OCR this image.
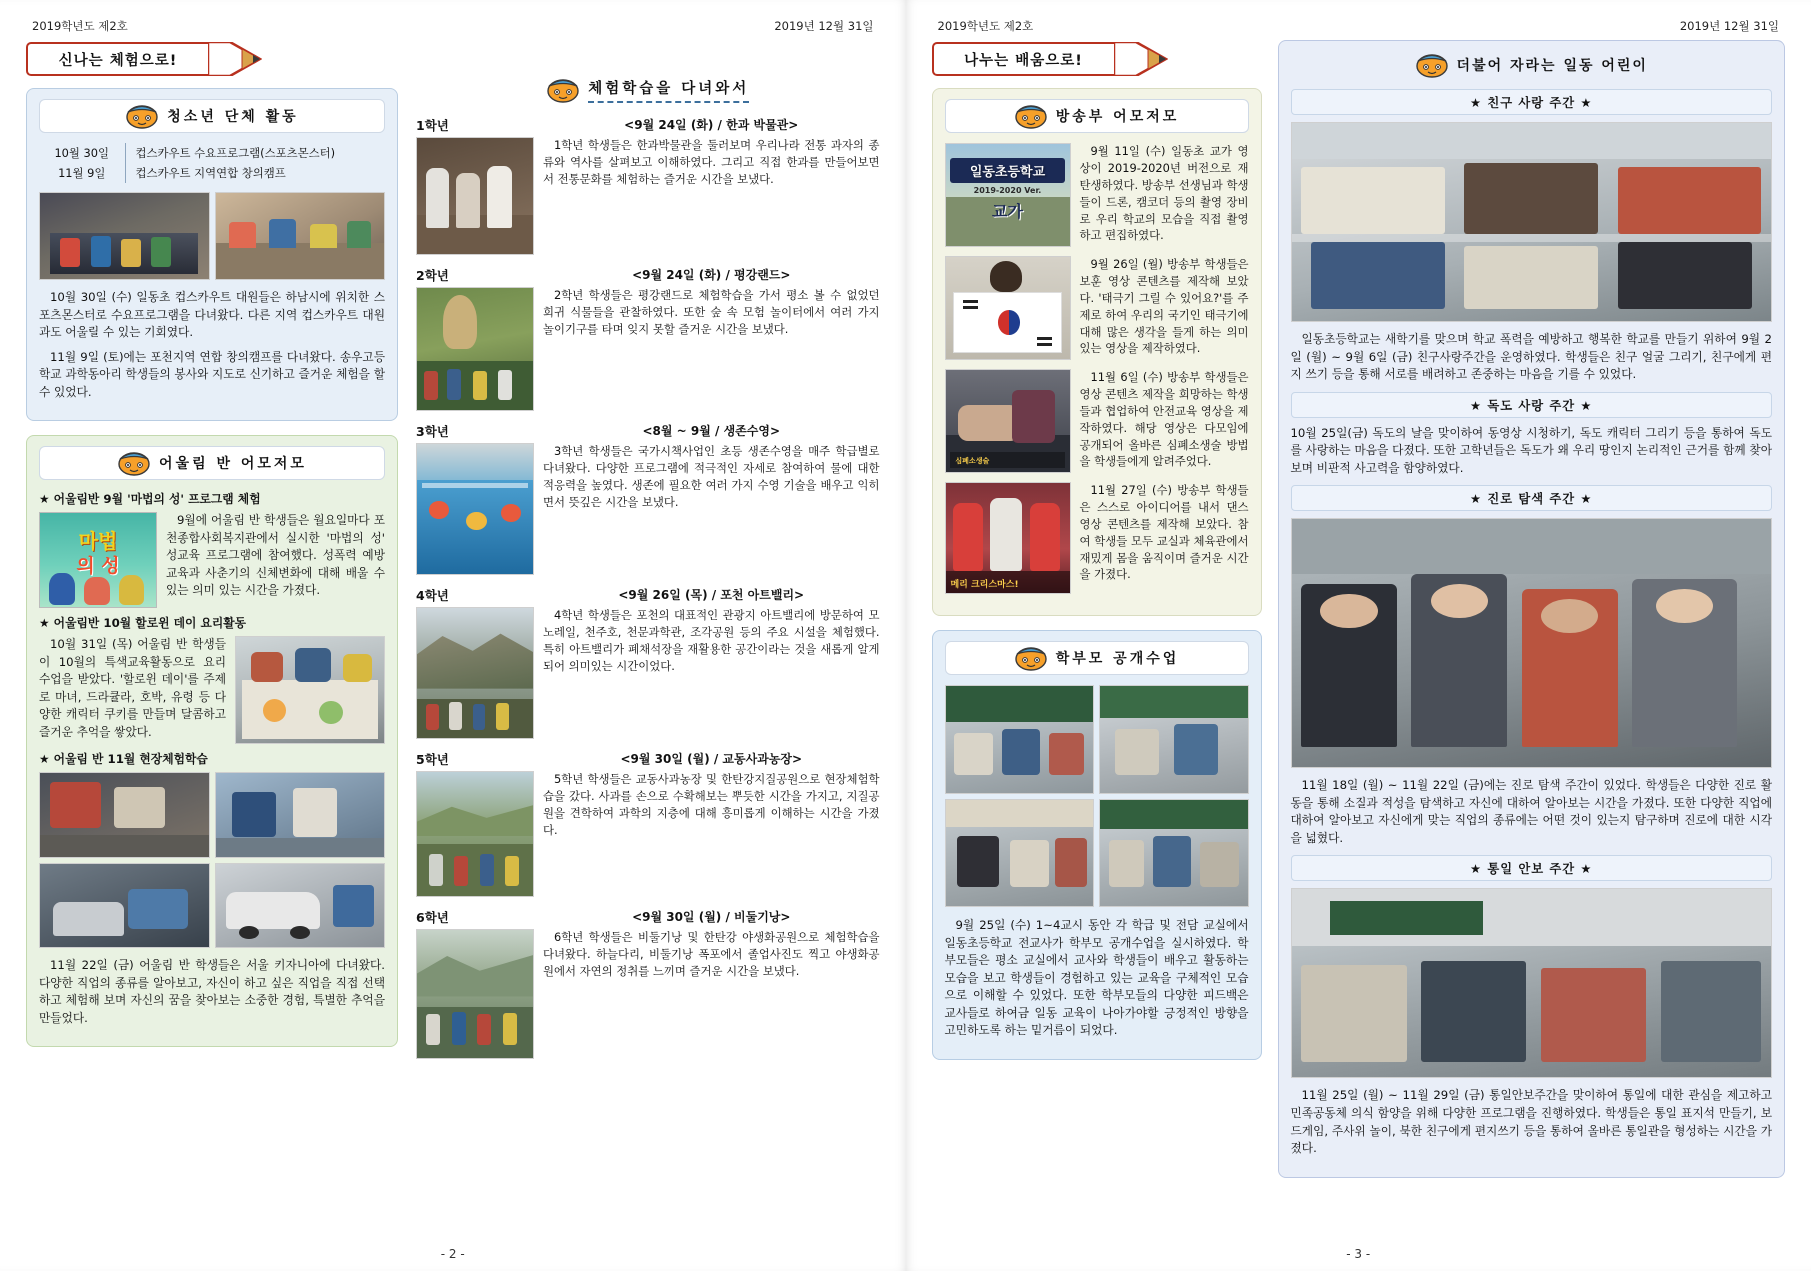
2019학년도 제2호	2019년 12월 31일
신나는 체험으로!
청소년 단체 활동
10월 30일	컵스카우트 수요프로그램(스포츠몬스터)
11월 9일	컵스카우트 지역연합 창의캠프

10월 30일 (수) 일동초 컵스카우트 대원들은 하남시에 위치한 스포츠몬스터로 수요프로그램을 다녀왔다. 다른 지역 컵스카우트 대원과도 어울릴 수 있는 기회였다.

11월 9일 (토)에는 포천지역 연합 창의캠프를 다녀왔다. 송우고등학교 과학동아리 학생들의 봉사와 지도로 신기하고 즐거운 체험을 할 수 있었다.

어울림 반 어모저모
★ 어울림반 9월 '마법의 성' 프로그램 체험
마법
의 성

9월에 어울림 반 학생들은 월요일마다 포천종합사회복지관에서 실시한 '마법의 성' 성교육 프로그램에 참여했다. 성폭력 예방교육과 사춘기의 신체변화에 대해 배울 수 있는 의미 있는 시간을 가졌다.

★ 어울림반 10월 할로윈 데이 요리활동

10월 31일 (목) 어울림 반 학생들이 10월의 특색교육활동으로 요리 수업을 받았다. '할로윈 데이'를 주제로 마녀, 드라큘라, 호박, 유령 등 다양한 캐릭터 쿠키를 만들며 달콤하고 즐거운 추억을 쌓았다.

★ 어울림 반 11월 현장체험학습

11월 22일 (금) 어울림 반 학생들은 서울 키자니아에 다녀왔다. 다양한 직업의 종류를 알아보고, 자신이 하고 싶은 직업을 직접 선택하고 체험해 보며 자신의 꿈을 찾아보는 소중한 경험, 특별한 추억을 만들었다.

체험학습을 다녀와서
1학년	<9월 24일 (화) / 한과 박물관>

1학년 학생들은 한과박물관을 둘러보며 우리나라 전통 과자의 종류와 역사를 살펴보고 이해하였다. 그리고 직접 한과를 만들어보면서 전통문화를 체험하는 즐거운 시간을 보냈다.

2학년	<9월 24일 (화) / 평강랜드>

2학년 학생들은 평강랜드로 체험학습을 가서 평소 볼 수 없었던 희귀 식물들을 관찰하였다. 또한 숲 속 모험 놀이터에서 여러 가지 놀이기구를 타며 잊지 못할 즐거운 시간을 보냈다.

3학년	<8월 ~ 9월 / 생존수영>

3학년 학생들은 국가시책사업인 초등 생존수영을 매주 학급별로 다녀왔다. 다양한 프로그램에 적극적인 자세로 참여하여 물에 대한 적응력을 높였다. 생존에 필요한 여러 가지 수영 기술을 배우고 익히면서 뜻깊은 시간을 보냈다.

4학년	<9월 26일 (목) / 포천 아트밸리>

4학년 학생들은 포천의 대표적인 관광지 아트밸리에 방문하여 모노레일, 천주호, 천문과학관, 조각공원 등의 주요 시설을 체험했다. 특히 아트밸리가 폐채석장을 재활용한 공간이라는 것을 새롭게 알게 되어 의미있는 시간이었다.

5학년	<9월 30일 (월) / 교동사과농장>

5학년 학생들은 교동사과농장 및 한탄강지질공원으로 현장체험학습을 갔다. 사과를 손으로 수확해보는 뿌듯한 시간을 가지고, 지질공원을 견학하여 과학의 지층에 대해 흥미롭게 이해하는 시간을 가졌다.

6학년	<9월 30일 (월) / 비둘기낭>

6학년 학생들은 비둘기낭 및 한탄강 야생화공원으로 체험학습을 다녀왔다. 하늘다리, 비둘기낭 폭포에서 졸업사진도 찍고 야생화공원에서 자연의 정취를 느끼며 즐거운 시간을 보냈다.

- 2 -
2019학년도 제2호	2019년 12월 31일
나누는 배움으로!
방송부 어모저모
일동초등학교
2019-2020 Ver.
교가
9월 11일 (수) 일동초 교가 영상이 2019-2020년 버전으로 재탄생하였다. 방송부 선생님과 학생들이 드론, 캠코더 등의 촬영 장비로 우리 학교의 모습을 직접 촬영하고 편집하였다.
9월 26일 (월) 방송부 학생들은 보훈 영상 콘텐츠를 제작해 보았다. '태극기 그릴 수 있어요?'를 주제로 하여 우리의 국기인 태극기에 대해 많은 생각을 들게 하는 의미 있는 영상을 제작하였다.
심폐소생술
11월 6일 (수) 방송부 학생들은 영상 콘텐츠 제작을 희망하는 학생들과 협업하여 안전교육 영상을 제작하였다. 해당 영상은 다모임에 공개되어 올바른 심폐소생술 방법을 학생들에게 알려주었다.
메리 크리스마스!
11월 27일 (수) 방송부 학생들은 스스로 아이디어를 내서 댄스 영상 콘텐츠를 제작해 보았다. 참여 학생들 모두 교실과 체육관에서 재밌게 몸을 움직이며 즐거운 시간을 가졌다.
학부모 공개수업

9월 25일 (수) 1~4교시 동안 각 학급 및 전담 교실에서 일동초등학교 전교사가 학부모 공개수업을 실시하였다. 학부모들은 평소 교실에서 교사와 학생들이 배우고 활동하는 모습을 보고 학생들이 경험하고 있는 교육을 구체적인 모습으로 이해할 수 있었다. 또한 학부모들의 다양한 피드백은 교사들로 하여금 일동 교육이 나아가야할 긍정적인 방향을 고민하도록 하는 밑거름이 되었다.

더불어 자라는 일동 어린이
★ 친구 사랑 주간 ★

일동초등학교는 새학기를 맞으며 학교 폭력을 예방하고 행복한 학교를 만들기 위하여 9월 2일 (월) ~ 9월 6일 (금) 친구사랑주간을 운영하였다. 학생들은 친구 얼굴 그리기, 친구에게 편지 쓰기 등을 통해 서로를 배려하고 존중하는 마음을 기를 수 있었다.

★ 독도 사랑 주간 ★

10월 25일(금) 독도의 날을 맞이하여 동영상 시청하기, 독도 캐릭터 그리기 등을 통하여 독도를 사랑하는 마음을 다졌다. 또한 고학년들은 독도가 왜 우리 땅인지 논리적인 근거를 함께 찾아보며 비판적 사고력을 함양하였다.

★ 진로 탐색 주간 ★

11월 18일 (월) ~ 11월 22일 (금)에는 진로 탐색 주간이 있었다. 학생들은 다양한 진로 활동을 통해 소질과 적성을 탐색하고 자신에 대하여 알아보는 시간을 가졌다. 또한 다양한 직업에 대하여 알아보고 자신에게 맞는 직업의 종류에는 어떤 것이 있는지 탐구하며 진로에 대한 시각을 넓혔다.

★ 통일 안보 주간 ★

11월 25일 (월) ~ 11월 29일 (금) 통일안보주간을 맞이하여 통일에 대한 관심을 제고하고 민족공동체 의식 함양을 위해 다양한 프로그램을 진행하였다. 학생들은 통일 표지석 만들기, 보드게임, 주사위 놀이, 북한 친구에게 편지쓰기 등을 통하여 올바른 통일관을 형성하는 시간을 가졌다.

- 3 -
